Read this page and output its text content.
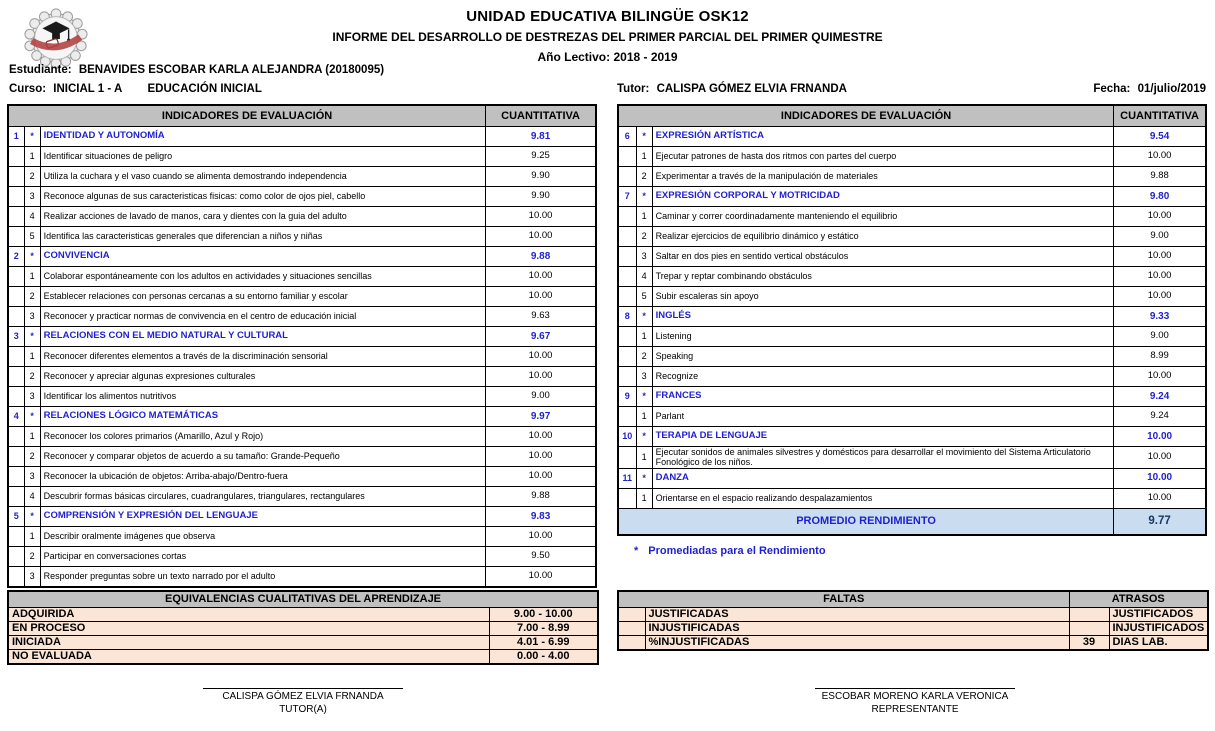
UNIDAD EDUCATIVA BILINGÜE OSK12
INFORME DEL DESARROLLO DE DESTREZAS DEL PRIMER PARCIAL DEL PRIMER QUIMESTRE
Año Lectivo: 2018 - 2019
Estudiante: BENAVIDES ESCOBAR KARLA ALEJANDRA (20180095)
Curso: INICIAL 1 - A EDUCACIÓN INICIAL	Tutor: CALISPA GÓMEZ ELVIA FRNANDA	Fecha: 01/julio/2019
INDICADORES DE EVALUACIÓN			CUANTITATIVA
1	*	IDENTIDAD Y AUTONOMÍA	9.81
	1	Identificar situaciones de peligro	9.25
	2	Utiliza la cuchara y el vaso cuando se alimenta demostrando independencia	9.90
	3	Reconoce algunas de sus caracteristicas fisicas: como color de ojos piel, cabello	9.90
	4	Realizar acciones de lavado de manos, cara y dientes con la guia del adulto	10.00
	5	Identifica las caracteristicas generales que diferencian a niños y niñas	10.00
2	*	CONVIVENCIA	9.88
	1	Colaborar espontáneamente con los adultos en actividades y situaciones sencillas	10.00
	2	Establecer relaciones con personas cercanas a su entorno familiar y escolar	10.00
	3	Reconocer y practicar normas de convivencia en el centro de educación inicial	9.63
3	*	RELACIONES CON EL MEDIO NATURAL Y CULTURAL	9.67
	1	Reconocer diferentes elementos a través de la discriminación sensorial	10.00
	2	Reconocer y apreciar algunas expresiones culturales	10.00
	3	Identificar los alimentos nutritivos	9.00
4	*	RELACIONES LÓGICO MATEMÁTICAS	9.97
	1	Reconocer los colores primarios (Amarillo, Azul y Rojo)	10.00
	2	Reconocer y comparar objetos de acuerdo a su tamaño: Grande-Pequeño	10.00
	3	Reconocer la ubicación de objetos: Arriba-abajo/Dentro-fuera	10.00
	4	Descubrir formas básicas circulares, cuadrangulares, triangulares, rectangulares	9.88
5	*	COMPRENSIÓN Y EXPRESIÓN DEL LENGUAJE	9.83
	1	Describir oralmente imágenes que observa	10.00
	2	Participar en conversaciones cortas	9.50
	3	Responder preguntas sobre un texto narrado por el adulto	10.00
INDICADORES DE EVALUACIÓN			CUANTITATIVA
6	*	EXPRESIÓN ARTÍSTICA	9.54
	1	Ejecutar patrones de hasta dos ritmos con partes del cuerpo	10.00
	2	Experimentar a través de la manipulación de materiales	9.88
7	*	EXPRESIÓN CORPORAL Y MOTRICIDAD	9.80
	1	Caminar y correr coordinadamente manteniendo el equilibrio	10.00
	2	Realizar ejercicios de equilibrio dinámico y estático	9.00
	3	Saltar en dos pies en sentido vertical obstáculos	10.00
	4	Trepar y reptar combinando obstáculos	10.00
	5	Subir escaleras sin apoyo	10.00
8	*	INGLÉS	9.33
	1	Listening	9.00
	2	Speaking	8.99
	3	Recognize	10.00
9	*	FRANCES	9.24
	1	Parlant	9.24
10	*	TERAPIA DE LENGUAJE	10.00
	1	Ejecutar sonidos de animales silvestres y domésticos para desarrollar el movimiento del Sistema Articulatorio Fonológico de los niños.	10.00
11	*	DANZA	10.00
	1	Orientarse en el espacio realizando despalazamientos	10.00
PROMEDIO RENDIMIENTO			9.77
* Promediadas para el Rendimiento
EQUIVALENCIAS CUALITATIVAS DEL APRENDIZAJE	
ADQUIRIDA	9.00 - 10.00
EN PROCESO	7.00 - 8.99
INICIADA	4.01 - 6.99
NO EVALUADA	0.00 - 4.00
FALTAS		ATRASOS	
	JUSTIFICADAS		JUSTIFICADOS
	INJUSTIFICADAS		INJUSTIFICADOS
	%INJUSTIFICADAS	39	DIAS LAB.
CALISPA GÓMEZ ELVIA FRNANDA
TUTOR(A)
ESCOBAR MORENO KARLA VERONICA
REPRESENTANTE
